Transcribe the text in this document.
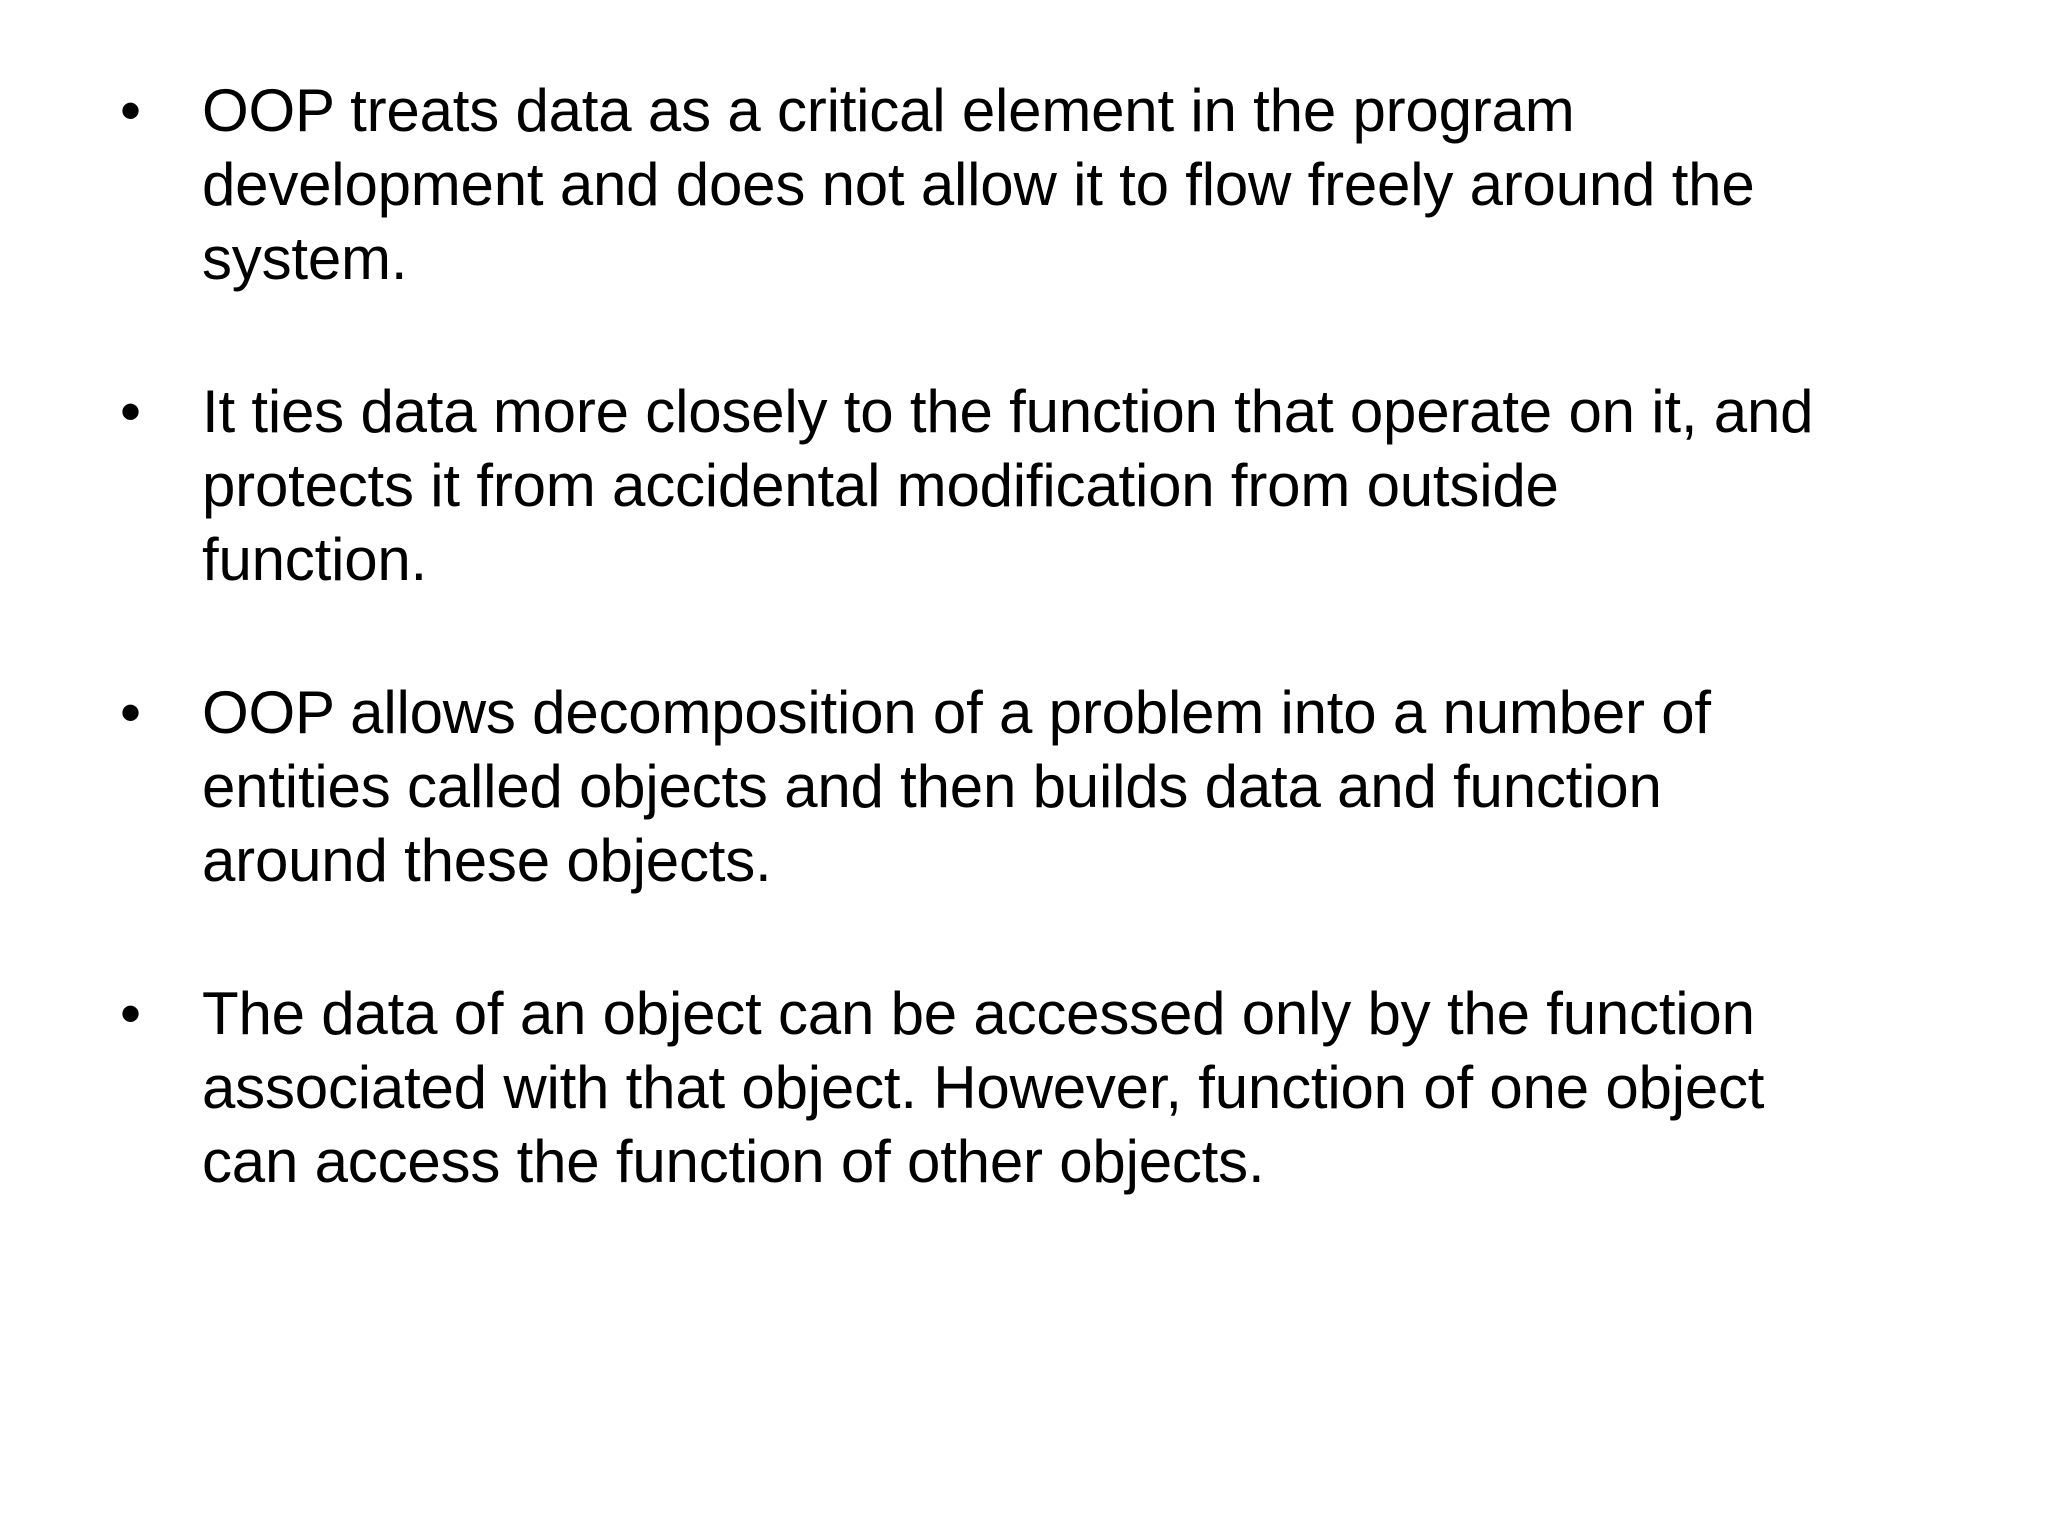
•	OOP treats data as a critical element in the program
development and does not allow it to flow freely around the
system.
•	It ties data more closely to the function that operate on it, and
protects it from accidental modification from outside
function.
•	OOP allows decomposition of a problem into a number of
entities called objects and then builds data and function
around these objects.
•	The data of an object can be accessed only by the function
associated with that object. However, function of one object
can access the function of other objects.
